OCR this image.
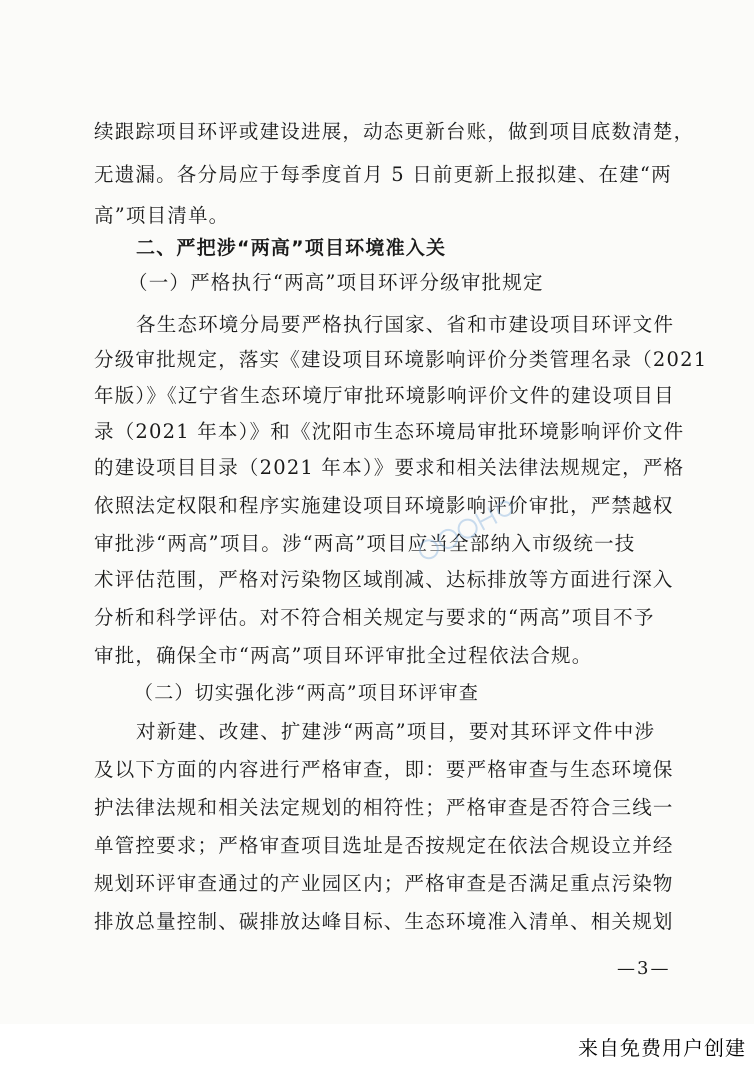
续跟踪项目环评或建设进展，动态更新台账，做到项目底数清楚，
无遗漏。各分局应于每季度首月 5 日前更新上报拟建、在建“两
高”项目清单。
二、严把涉“两高”项目环境准入关
（一）严格执行“两高”项目环评分级审批规定
各生态环境分局要严格执行国家、省和市建设项目环评文件
分级审批规定，落实《建设项目环境影响评价分类管理名录（2021
年版）》《辽宁省生态环境厅审批环境影响评价文件的建设项目目
录（2021 年本）》和《沈阳市生态环境局审批环境影响评价文件
的建设项目目录（2021 年本）》要求和相关法律法规规定，严格
依照法定权限和程序实施建设项目环境影响评价审批，严禁越权
审批涉“两高”项目。涉“两高”项目应当全部纳入市级统一技
术评估范围，严格对污染物区域削减、达标排放等方面进行深入
分析和科学评估。对不符合相关规定与要求的“两高”项目不予
审批，确保全市“两高”项目环评审批全过程依法合规。
（二）切实强化涉“两高”项目环评审查
对新建、改建、扩建涉“两高”项目，要对其环评文件中涉
及以下方面的内容进行严格审查，即：要严格审查与生态环境保
护法律法规和相关法定规划的相符性；严格审查是否符合三线一
单管控要求；严格审查项目选址是否按规定在依法合规设立并经
规划环评审查通过的产业园区内；严格审查是否满足重点污染物
排放总量控制、碳排放达峰目标、生态环境准入清单、相关规划
—3—
来自免费用户创建
